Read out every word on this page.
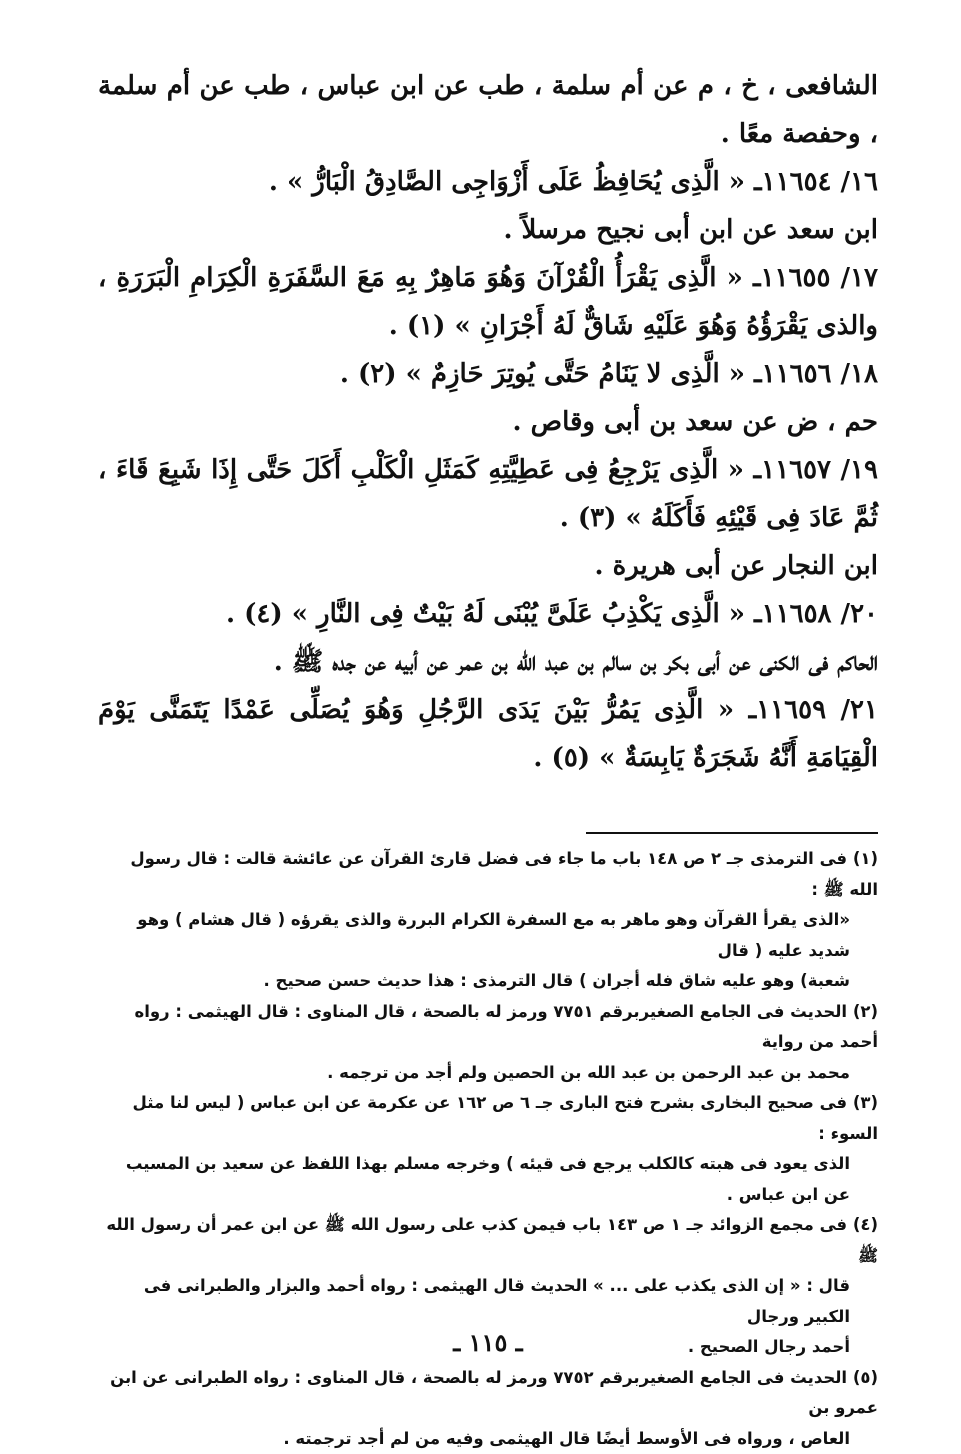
الشافعى ، خ ، م عن أم سلمة ، طب عن ابن عباس ، طب عن أم سلمة ، وحفصة معًا .

١٦/ ١١٦٥٤ـ « الَّذِى يُحَافِظُ عَلَى أَزْوَاجِى الصَّادِقُ الْبَارُّ » .

ابن سعد عن ابن أبى نجيح مرسلاً .

١٧/ ١١٦٥٥ـ « الَّذِى يَقْرَأُ الْقُرْآنَ وَهُوَ مَاهِرٌ بِهِ مَعَ السَّفَرَةِ الْكِرَامِ الْبَرَرَةِ ، والذى يَقْرَؤُهُ وَهُوَ عَلَيْهِ شَاقٌّ لَهُ أَجْرَانِ » (١) .

١٨/ ١١٦٥٦ـ « الَّذِى لا يَنَامُ حَتَّى يُوتِرَ حَازِمٌ » (٢) .

حم ، ض عن سعد بن أبى وقاص .

١٩/ ١١٦٥٧ـ « الَّذِى يَرْجِعُ فِى عَطِيَّتِهِ كَمَثَلِ الْكَلْبِ أَكَلَ حَتَّى إِذَا شَبِعَ قَاءَ ، ثُمَّ عَادَ فِى قَيْئِهِ فَأَكَلَهُ » (٣) .

ابن النجار عن أبى هريرة .

٢٠/ ١١٦٥٨ـ « الَّذِى يَكْذِبُ عَلَىَّ يُبْنَى لَهُ بَيْتٌ فِى النَّارِ » (٤) .

الحاكم فى الكنى عن أبى بكر بن سالم بن عبد الله بن عمر عن أبيه عن جده ﷺ .

٢١/ ١١٦٥٩ـ « الَّذِى يَمُرُّ بَيْنَ يَدَى الرَّجُلِ وَهُوَ يُصَلِّى عَمْدًا يَتَمَنَّى يَوْمَ الْقِيَامَةِ أَنَّهُ شَجَرَةٌ يَابِسَةٌ » (٥) .

(١) فى الترمذى جـ ٢ ص ١٤٨ باب ما جاء فى فضل قارئ القرآن عن عائشة قالت : قال رسول الله ﷺ :
«الذى يقرأ القرآن وهو ماهر به مع السفرة الكرام البررة والذى يقرؤه ( قال هشام ) وهو شديد عليه ( قال
شعبة) وهو عليه شاق فله أجران ) قال الترمذى : هذا حديث حسن صحيح .
(٢) الحديث فى الجامع الصغيربرقم ٧٧٥١ ورمز له بالصحة ، قال المناوى : قال الهيثمى : رواه أحمد من رواية
محمد بن عبد الرحمن بن عبد الله بن الحصين ولم أجد من ترجمه .
(٣) فى صحيح البخارى بشرح فتح البارى جـ ٦ ص ١٦٢ عن عكرمة عن ابن عباس ( ليس لنا مثل السوء :
الذى يعود فى هبته كالكلب يرجع فى قيئه ) وخرجه مسلم بهذا اللفظ عن سعيد بن المسيب عن ابن عباس .
(٤) فى مجمع الزوائد جـ ١ ص ١٤٣ باب فيمن كذب على رسول الله ﷺ عن ابن عمر أن رسول الله ﷺ
قال : « إن الذى يكذب على ... » الحديث قال الهيثمى : رواه أحمد والبزار والطبرانى فى الكبير ورجال
أحمد رجال الصحيح .
(٥) الحديث فى الجامع الصغيربرقم ٧٧٥٢ ورمز له بالصحة ، قال المناوى : رواه الطبرانى عن ابن عمرو بن
العاص ، ورواه فى الأوسط أيضًا قال الهيثمى وفيه من لم أجد ترجمته .
ـ ١١٥ ـ
